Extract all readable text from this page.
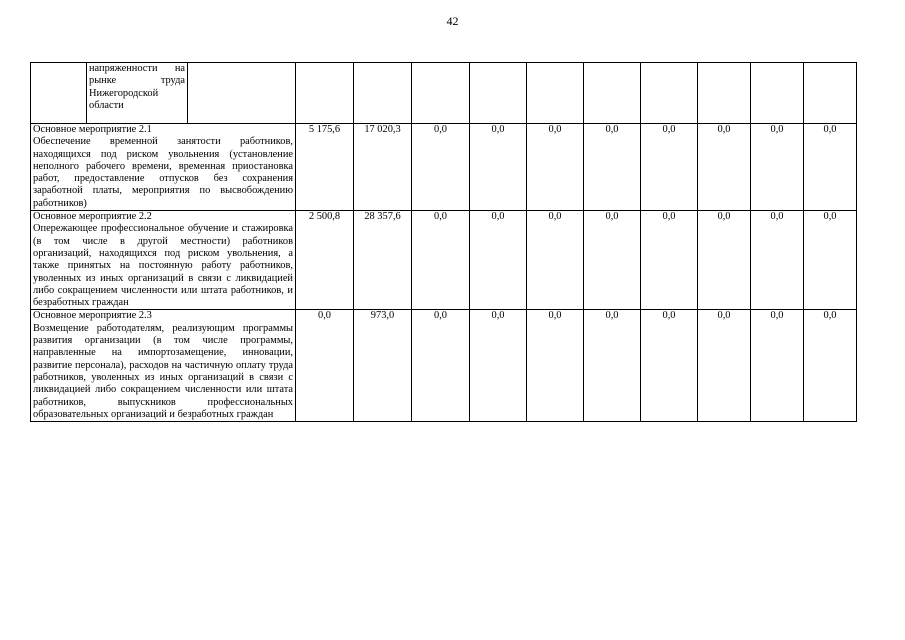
42
напряженности на рынке труда Нижегородской области										

Основное мероприятие 2.1
Обеспечение временной занятости работников, находящихся под риском увольнения (установление неполного рабочего времени, временная приостановка работ, предоставление отпусков без сохранения заработной платы, мероприятия по высвобождению работников)	5 175,6	17 020,3	0,0	0,0	0,0	0,0	0,0	0,0	0,0	0,0

Основное мероприятие 2.2
Опережающее профессиональное обучение и стажировка (в том числе в другой местности) работников организаций, находящихся под риском увольнения, а также принятых на постоянную работу работников, уволенных из иных организаций в связи с ликвидацией либо сокращением численности или штата работников, и безработных граждан	2 500,8	28 357,6	0,0	0,0	0,0	0,0	0,0	0,0	0,0	0,0

Основное мероприятие 2.3
Возмещение работодателям, реализующим программы развития организации (в том числе программы, направленные на импортозамещение, инновации, развитие персонала), расходов на частичную оплату труда работников, уволенных из иных организаций в связи с ликвидацией либо сокращением численности или штата работников, выпускников профессиональных образовательных организаций и безработных граждан	0,0	973,0	0,0	0,0	0,0	0,0	0,0	0,0	0,0	0,0
